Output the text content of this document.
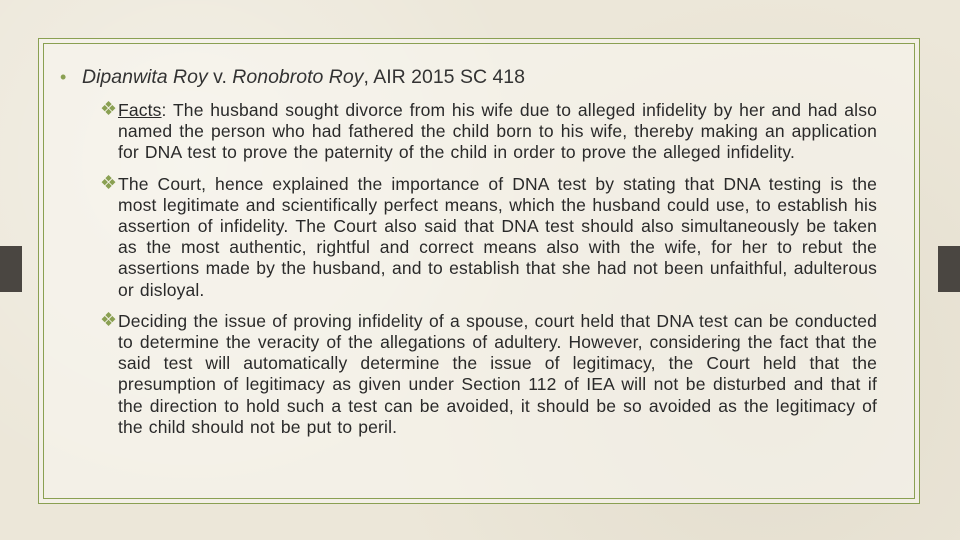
• Dipanwita Roy v. Ronobroto Roy, AIR 2015 SC 418
❖ Facts: The husband sought divorce from his wife due to alleged infidelity by her and had also named the person who had fathered the child born to his wife, thereby making an application for DNA test to prove the paternity of the child in order to prove the alleged infidelity.

❖ The Court, hence explained the importance of DNA test by stating that DNA testing is the most legitimate and scientifically perfect means, which the husband could use, to establish his assertion of infidelity. The Court also said that DNA test should also simultaneously be taken as the most authentic, rightful and correct means also with the wife, for her to rebut the assertions made by the husband, and to establish that she had not been unfaithful, adulterous or disloyal.

❖ Deciding the issue of proving infidelity of a spouse, court held that DNA test can be conducted to determine the veracity of the allegations of adultery. However, considering the fact that the said test will automatically determine the issue of legitimacy, the Court held that the presumption of legitimacy as given under Section 112 of IEA will not be disturbed and that if the direction to hold such a test can be avoided, it should be so avoided as the legitimacy of the child should not be put to peril.
